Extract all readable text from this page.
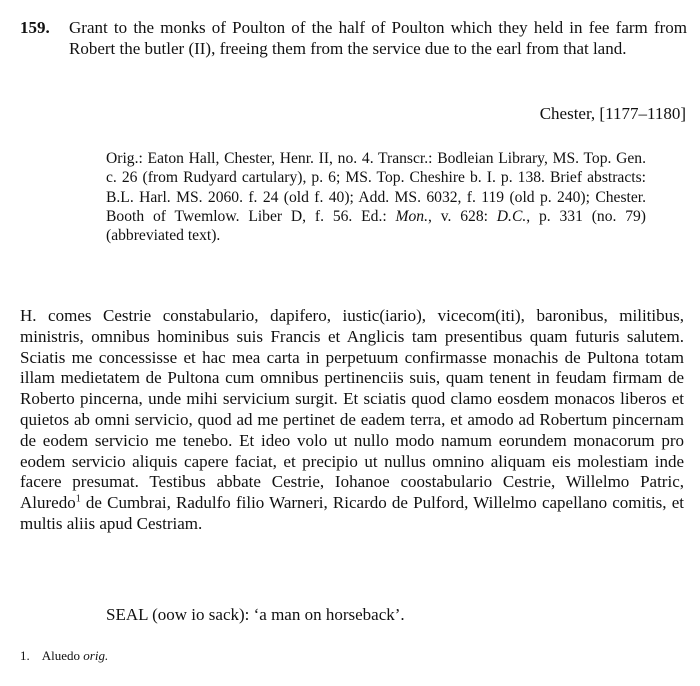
159. Grant to the monks of Poulton of the half of Poulton which they held in fee farm from Robert the butler (II), freeing them from the service due to the earl from that land.

Chester, [1177–1180]

Orig.: Eaton Hall, Chester, Henr. II, no. 4. Transcr.: Bodleian Library, MS. Top. Gen. c. 26 (from Rudyard cartulary), p. 6; MS. Top. Cheshire b. I. p. 138. Brief abstracts: B.L. Harl. MS. 2060. f. 24 (old f. 40); Add. MS. 6032, f. 119 (old p. 240); Chester. Booth of Twemlow. Liber D, f. 56. Ed.: Mon., v. 628: D.C., p. 331 (no. 79) (abbreviated text).

H. comes Cestrie constabulario, dapifero, iustic(iario), vicecom(iti), baronibus, militibus, ministris, omnibus hominibus suis Francis et Anglicis tam presentibus quam futuris salutem. Sciatis me concessisse et hac mea carta in perpetuum confirmasse monachis de Pultona totam illam medietatem de Pultona cum omnibus pertinenciis suis, quam tenent in feudam firmam de Roberto pincerna, unde mihi servicium surgit. Et sciatis quod clamo eosdem monacos liberos et quietos ab omni servicio, quod ad me pertinet de eadem terra, et amodo ad Robertum pincernam de eodem servicio me tenebo. Et ideo volo ut nullo modo namum eorundem monacorum pro eodem servicio aliquis capere faciat, et precipio ut nullus omnino aliquam eis molestiam inde facere presumat. Testibus abbate Cestrie, Iohanoe coostabulario Cestrie, Willelmo Patric, Aluredo$^1$ de Cumbrai, Radulfo filio Warneri, Ricardo de Pulford, Willelmo capellano comitis, et multis aliis apud Cestriam.

SEAL (oow io sack): ‘a man on horseback’.
1. Aluedo orig.
